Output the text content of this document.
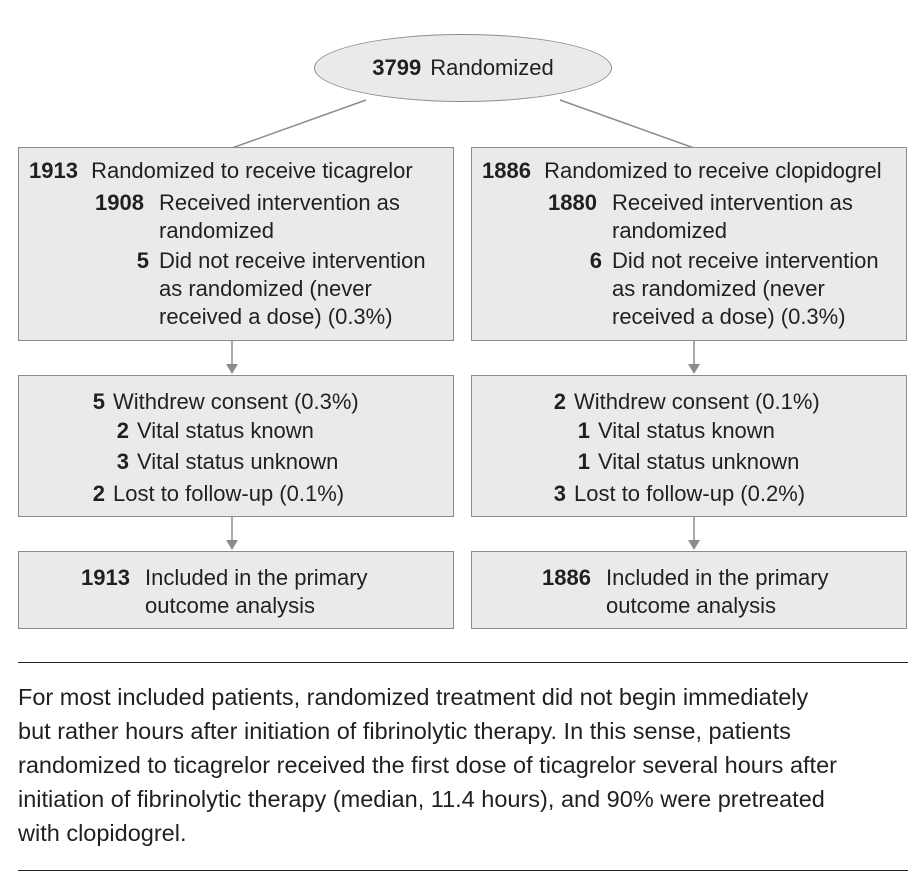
3799 Randomized
1913 Randomized to receive ticagrelor
1908 Received intervention as
randomized
5 Did not receive intervention
as randomized (never
received a dose) (0.3%)
5 Withdrew consent (0.3%)
2 Vital status known
3 Vital status unknown
2 Lost to follow-up (0.1%)
1913 Included in the primary
outcome analysis
1886 Randomized to receive clopidogrel
1880 Received intervention as
randomized
6 Did not receive intervention
as randomized (never
received a dose) (0.3%)
2 Withdrew consent (0.1%)
1 Vital status known
1 Vital status unknown
3 Lost to follow-up (0.2%)
1886 Included in the primary
outcome analysis
For most included patients, randomized treatment did not begin immediately
but rather hours after initiation of fibrinolytic therapy. In this sense, patients
randomized to ticagrelor received the first dose of ticagrelor several hours after
initiation of fibrinolytic therapy (median, 11.4 hours), and 90% were pretreated
with clopidogrel.
